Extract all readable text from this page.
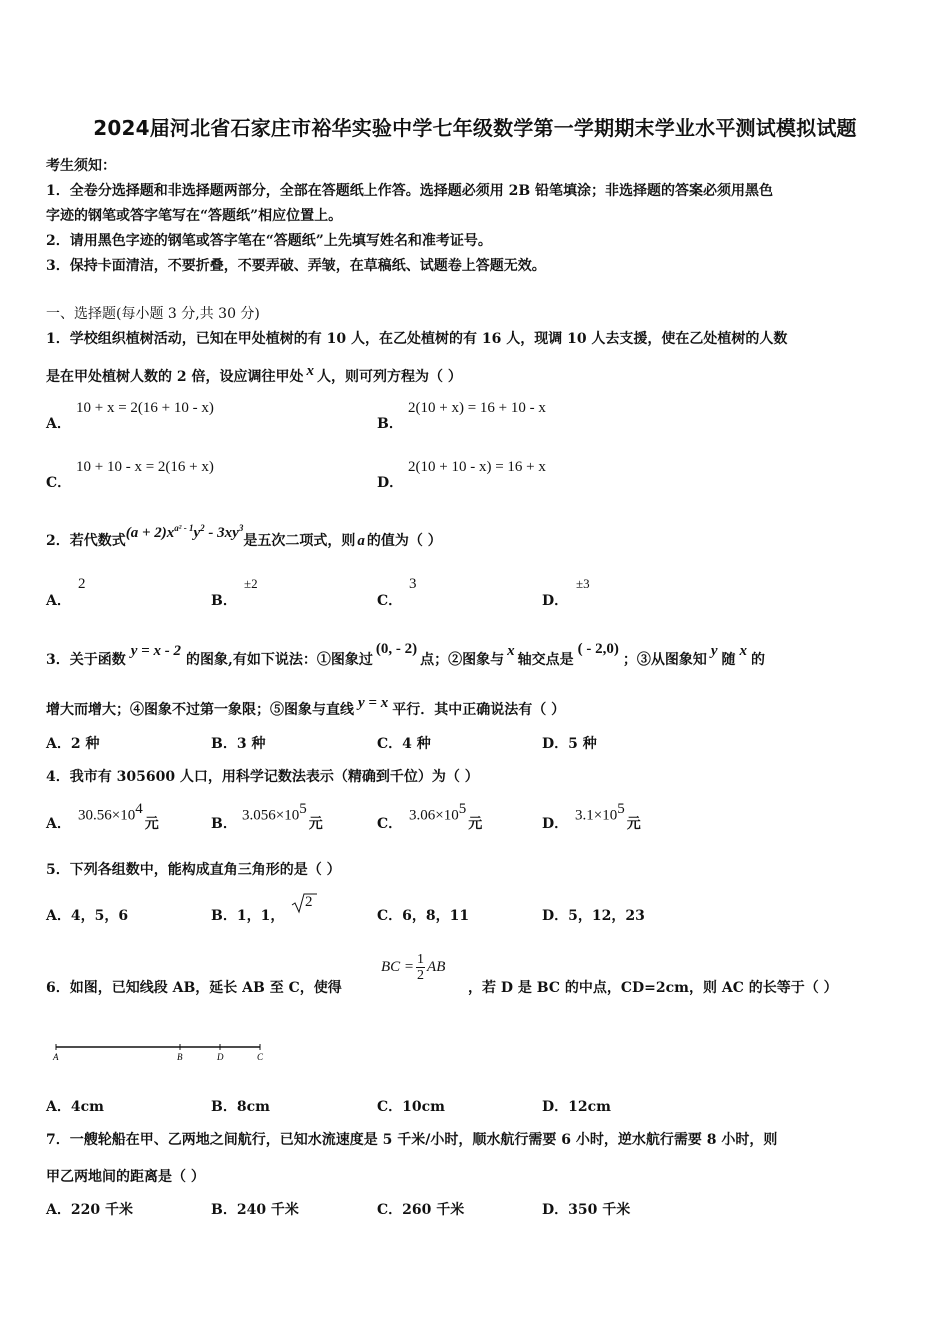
2024届河北省石家庄市裕华实验中学七年级数学第一学期期末学业水平测试模拟试题
考生须知：
1．全卷分选择题和非选择题两部分，全部在答题纸上作答。选择题必须用 2B 铅笔填涂；非选择题的答案必须用黑色
字迹的钢笔或答字笔写在“答题纸”相应位置上。
2．请用黑色字迹的钢笔或答字笔在“答题纸”上先填写姓名和准考证号。
3．保持卡面清洁，不要折叠，不要弄破、弄皱，在草稿纸、试题卷上答题无效。
一、选择题(每小题 3 分,共 30 分)
1．学校组织植树活动，已知在甲处植树的有 10 人，在乙处植树的有 16 人，现调 10 人去支援，使在乙处植树的人数
是在甲处植树人数的 2 倍，设应调往甲处 x 人，则可列方程为（ ）
A．
10 + x = 2(16 + 10 - x)
B．
2(10 + x) = 16 + 10 - x
C．
10 + 10 - x = 2(16 + x)
D．
2(10 + 10 - x) = 16 + x
2．若代数式$(a + 2)x^{a^2 - 1}y^2 - 3xy^3$是五次二项式，则 a 的值为（ ）
A．
2
B．
±2
C．
3
D．
±3
3．关于函数y = x - 2的图象,有如下说法：①图象过(0, - 2)点；②图象与x轴交点是( - 2,0)；③从图象知y随x的
增大而增大；④图象不过第一象限；⑤图象与直线 y = x 平行．其中正确说法有（ ）
A．2 种	B．3 种	C．4 种	D．5 种
4．我市有 305600 人口，用科学记数法表示（精确到千位）为（ ）
A．
$30.56\times 10^4$元	B．
$3.056\times 10^5$元	C．
$3.06\times 10^5$元	D．
$3.1\times 10^5$元
5．下列各组数中，能构成直角三角形的是（ ）
A．4，5，6	B．1，1，
2
C．6，8，11	D．5，12，23
6．如图，已知线段 AB，延长 AB 至 C，使得
BC = $\frac{1}{2}$ AB
，若 D 是 BC 的中点，CD=2cm，则 AC 的长等于（ ）
A	B	D	C
A．4cm	B．8cm	C．10cm	D．12cm
7．一艘轮船在甲、乙两地之间航行，已知水流速度是 5 千米/小时，顺水航行需要 6 小时，逆水航行需要 8 小时，则
甲乙两地间的距离是（ ）
A．220 千米	B．240 千米	C．260 千米	D．350 千米
